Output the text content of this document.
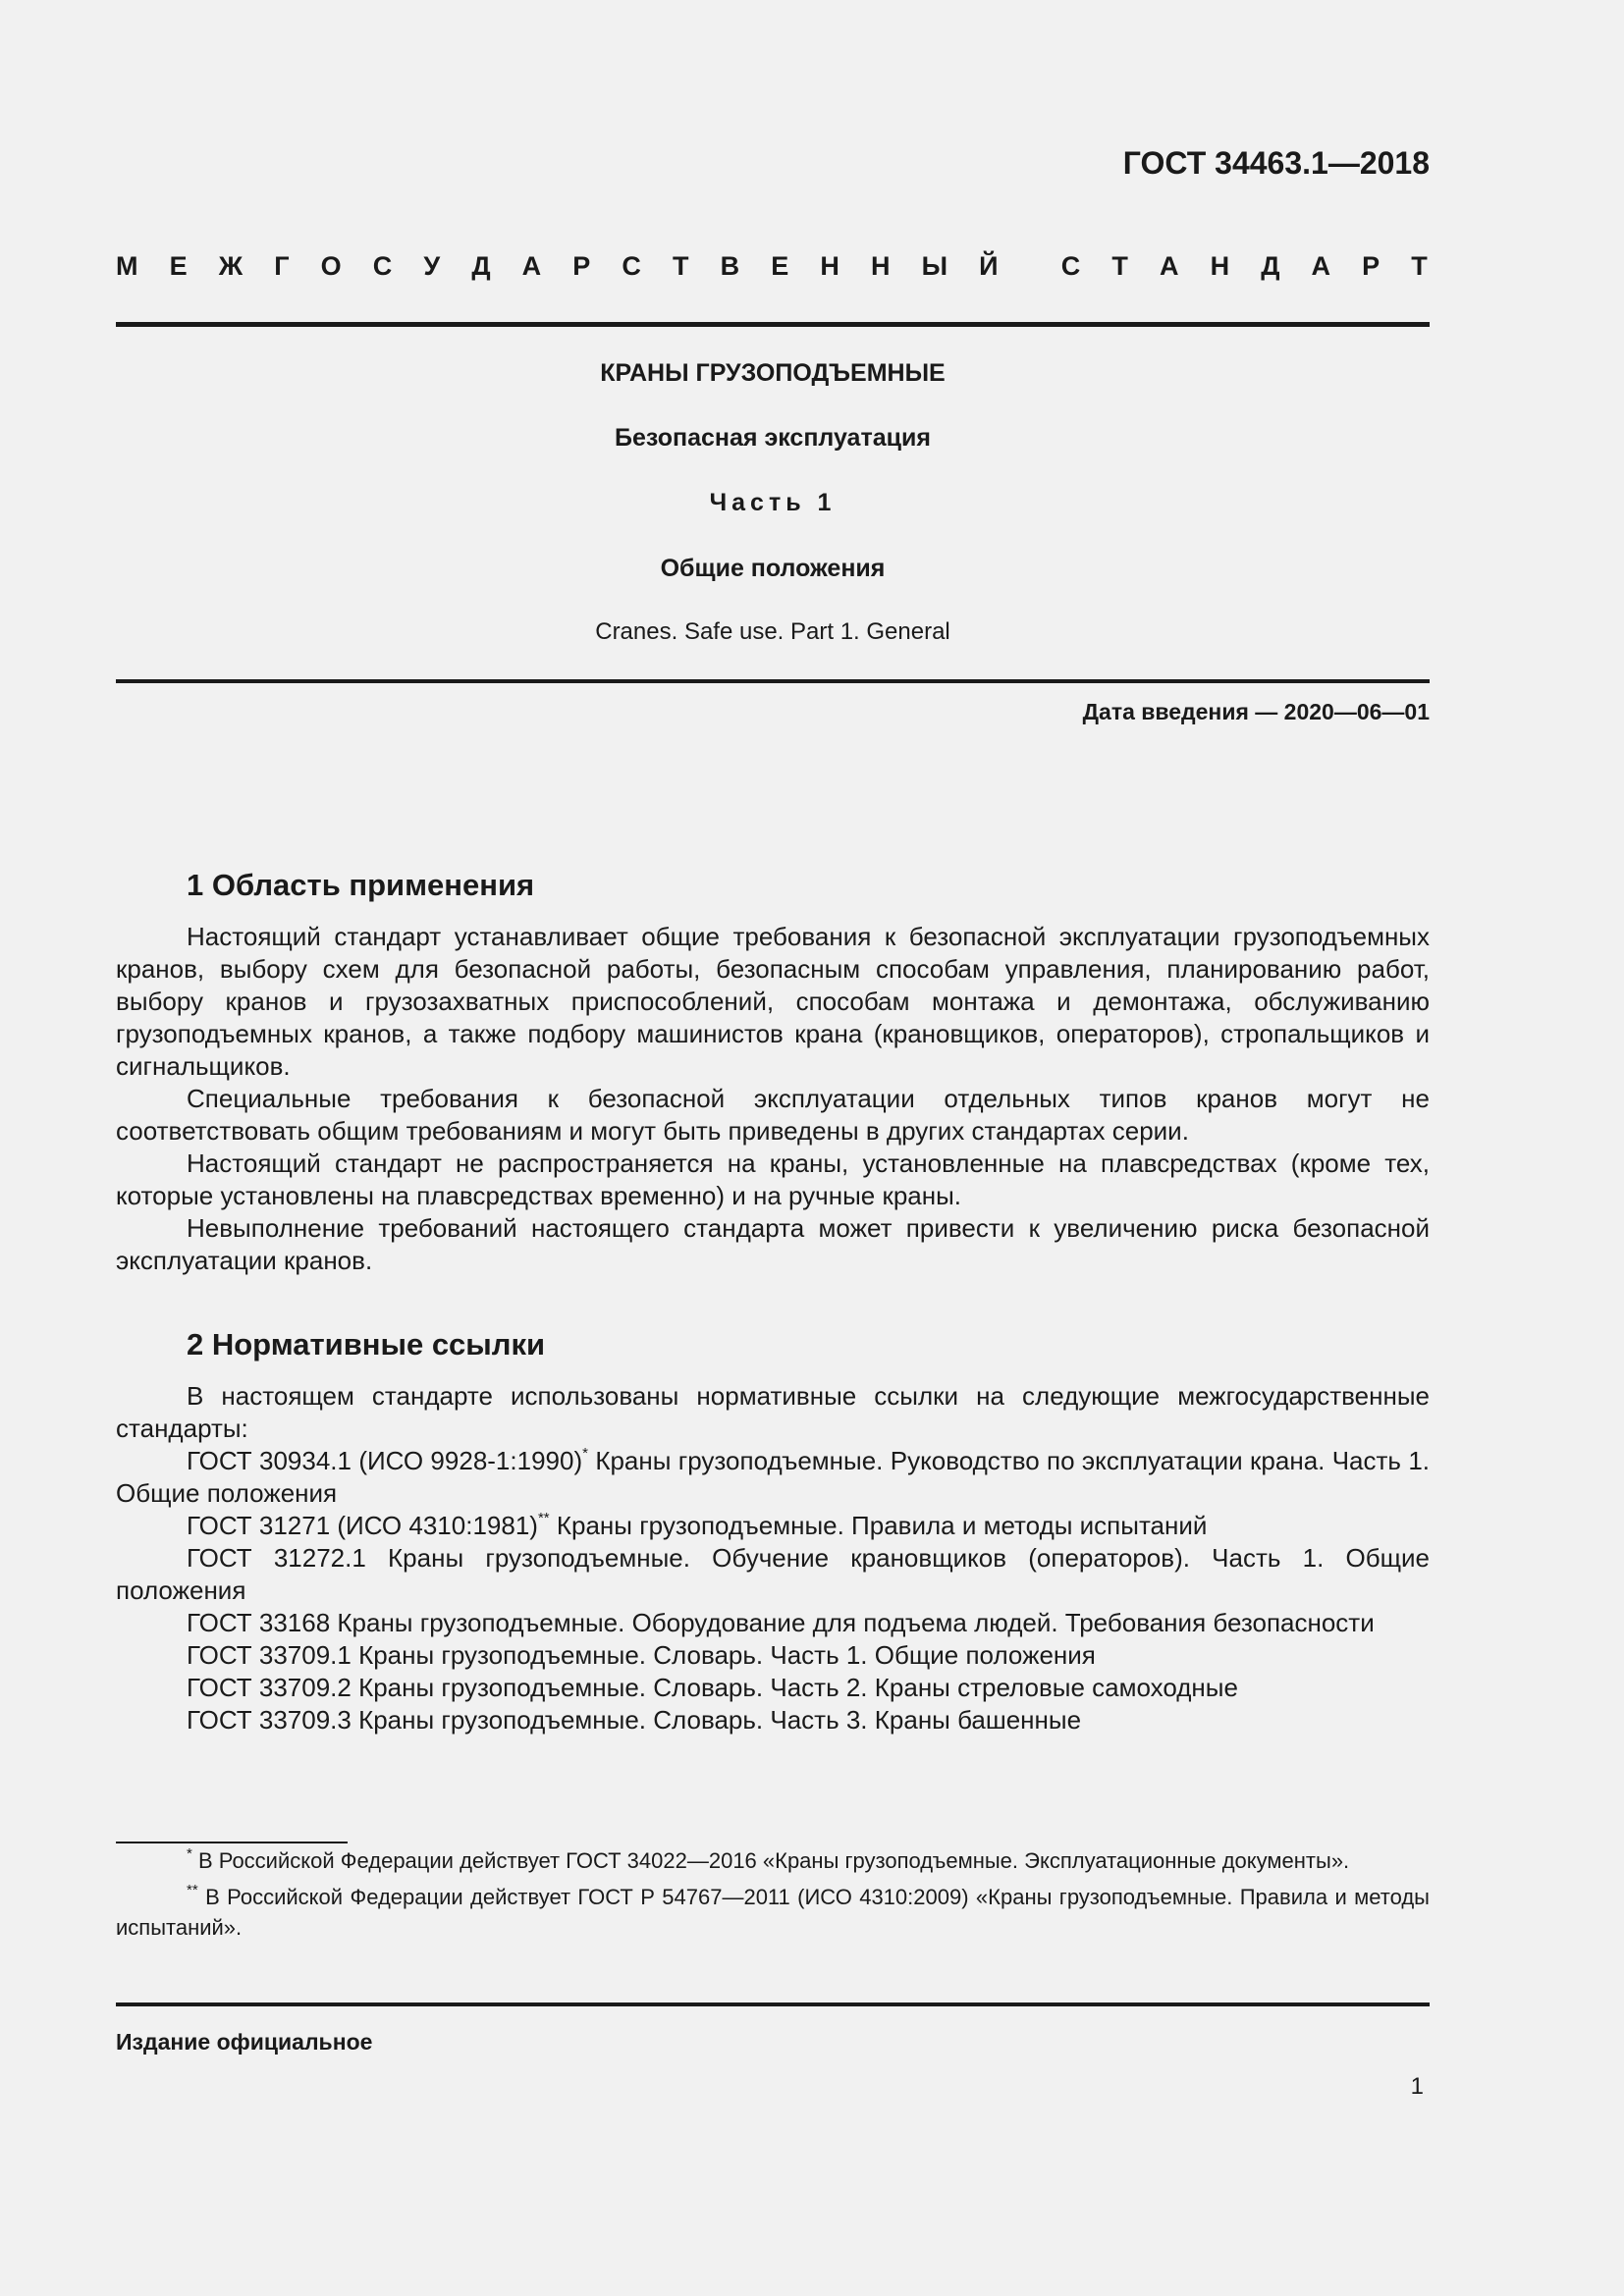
ГОСТ 34463.1—2018
М Е Ж Г О С У Д А Р С Т В Е Н Н Ы Й С Т А Н Д А Р Т
КРАНЫ ГРУЗОПОДЪЕМНЫЕ
Безопасная эксплуатация
Часть 1
Общие положения
Cranes. Safe use. Part 1. General
Дата введения — 2020—06—01
1 Область применения

Настоящий стандарт устанавливает общие требования к безопасной эксплуатации грузоподъемных кранов, выбору схем для безопасной работы, безопасным способам управления, планированию работ, выбору кранов и грузозахватных приспособлений, способам монтажа и демонтажа, обслуживанию грузоподъемных кранов, а также подбору машинистов крана (крановщиков, операторов), стропальщиков и сигнальщиков.

Специальные требования к безопасной эксплуатации отдельных типов кранов могут не соответствовать общим требованиям и могут быть приведены в других стандартах серии.

Настоящий стандарт не распространяется на краны, установленные на плавсредствах (кроме тех, которые установлены на плавсредствах временно) и на ручные краны.

Невыполнение требований настоящего стандарта может привести к увеличению риска безопасной эксплуатации кранов.

2 Нормативные ссылки

В настоящем стандарте использованы нормативные ссылки на следующие межгосударственные стандарты:

ГОСТ 30934.1 (ИСО 9928-1:1990)* Краны грузоподъемные. Руководство по эксплуатации крана. Часть 1. Общие положения

ГОСТ 31271 (ИСО 4310:1981)** Краны грузоподъемные. Правила и методы испытаний

ГОСТ 31272.1 Краны грузоподъемные. Обучение крановщиков (операторов). Часть 1. Общие положения

ГОСТ 33168 Краны грузоподъемные. Оборудование для подъема людей. Требования безопасности

ГОСТ 33709.1 Краны грузоподъемные. Словарь. Часть 1. Общие положения

ГОСТ 33709.2 Краны грузоподъемные. Словарь. Часть 2. Краны стреловые самоходные

ГОСТ 33709.3 Краны грузоподъемные. Словарь. Часть 3. Краны башенные

* В Российской Федерации действует ГОСТ 34022—2016 «Краны грузоподъемные. Эксплуатационные документы».

** В Российской Федерации действует ГОСТ Р 54767—2011 (ИСО 4310:2009) «Краны грузоподъемные. Правила и методы испытаний».

Издание официальное
1
